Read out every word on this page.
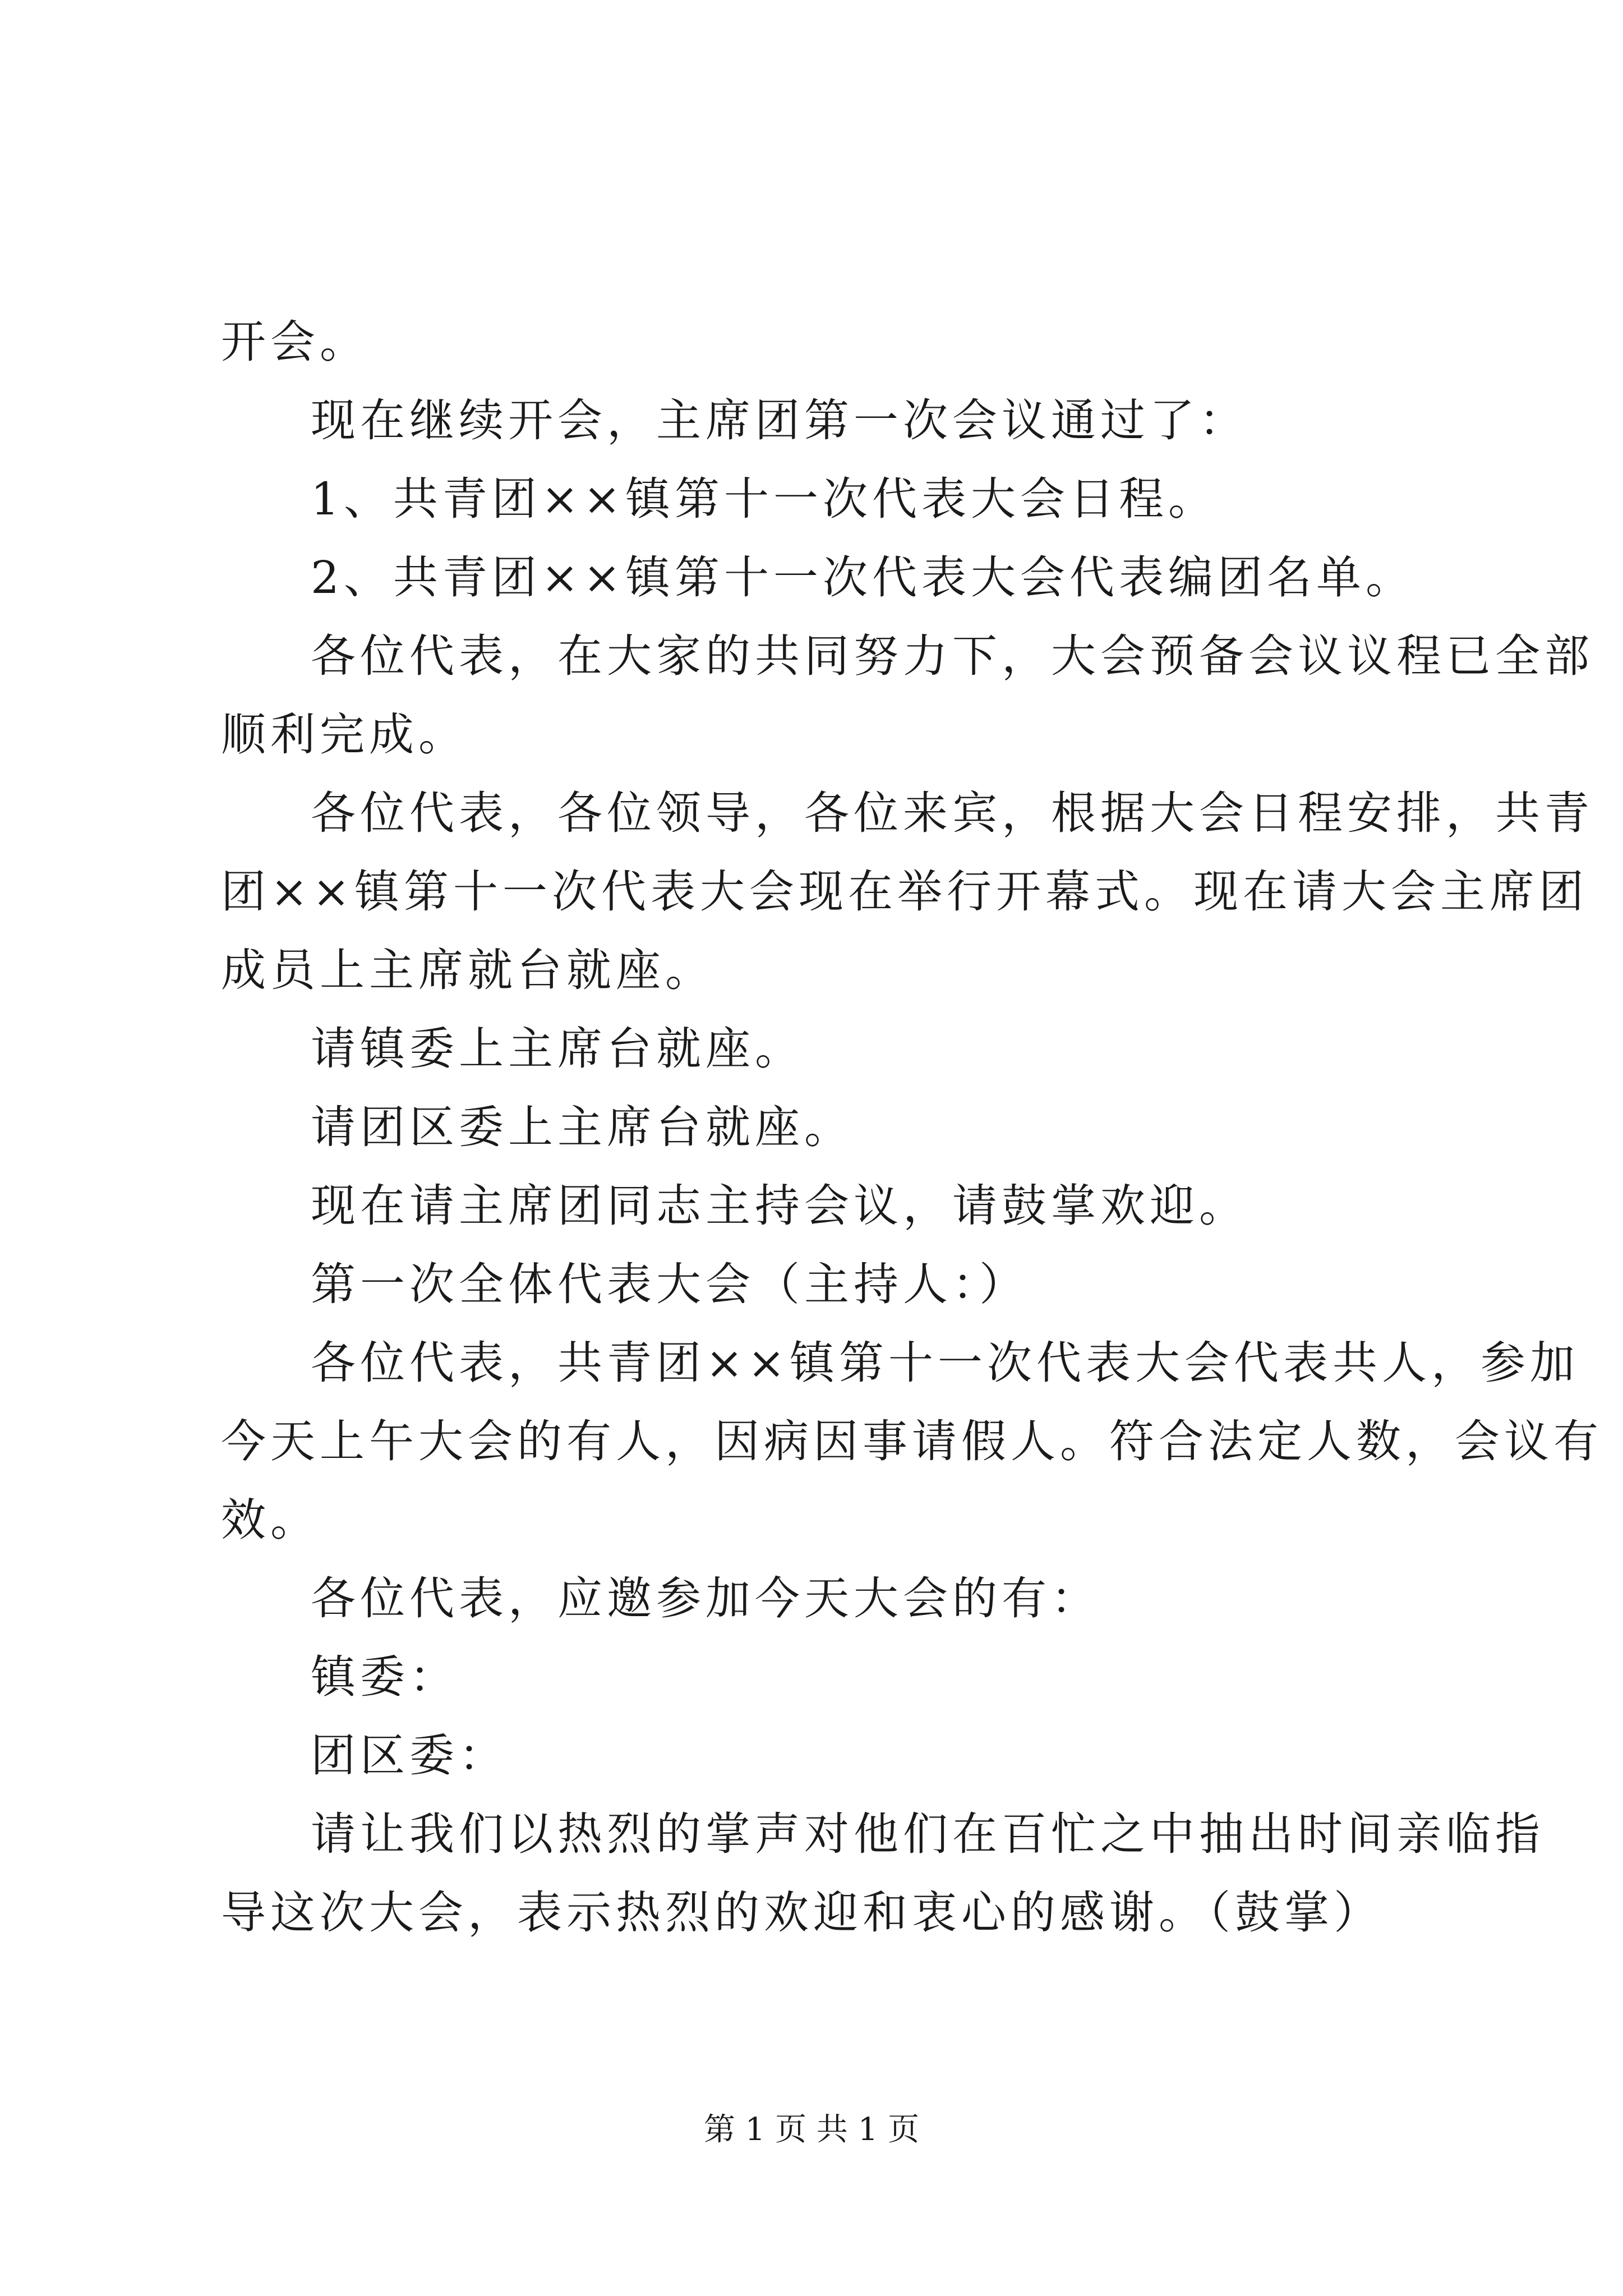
开会。
现在继续开会，主席团第一次会议通过了：
1、共青团××镇第十一次代表大会日程。
2、共青团××镇第十一次代表大会代表编团名单。
各位代表，在大家的共同努力下，大会预备会议议程已全部
顺利完成。
各位代表，各位领导，各位来宾，根据大会日程安排，共青
团××镇第十一次代表大会现在举行开幕式。现在请大会主席团
成员上主席就台就座。
请镇委上主席台就座。
请团区委上主席台就座。
现在请主席团同志主持会议，请鼓掌欢迎。
第一次全体代表大会（主持人：）
各位代表，共青团××镇第十一次代表大会代表共人，参加
今天上午大会的有人，因病因事请假人。符合法定人数，会议有
效。
各位代表，应邀参加今天大会的有：
镇委：
团区委：
请让我们以热烈的掌声对他们在百忙之中抽出时间亲临指
导这次大会，表示热烈的欢迎和衷心的感谢。（鼓掌）
第 1 页 共 1 页
